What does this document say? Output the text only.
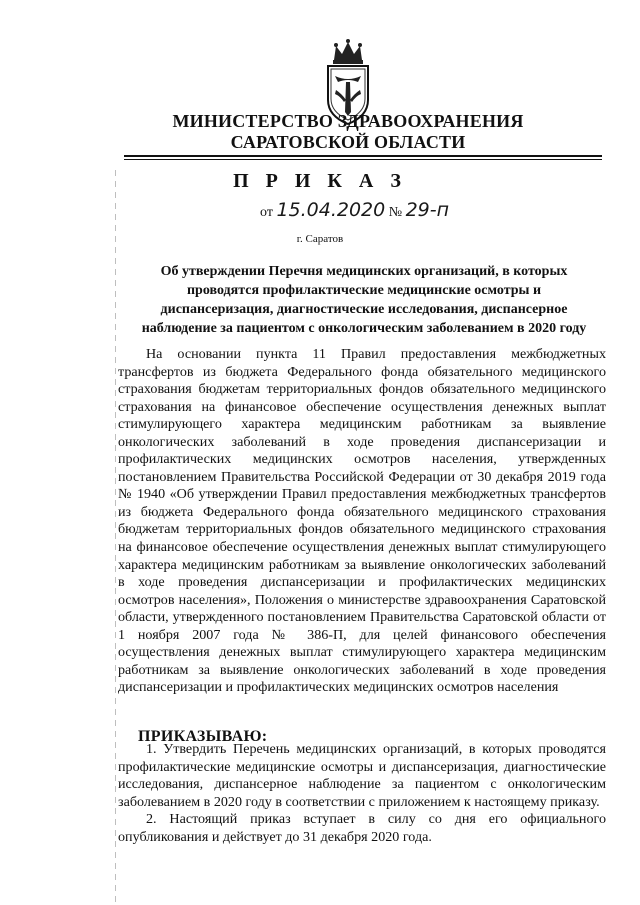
МИНИСТЕРСТВО ЗДРАВООХРАНЕНИЯ
САРАТОВСКОЙ ОБЛАСТИ
П Р И К А З
от 15.04.2020 № 29-п
г. Саратов
Об утверждении Перечня медицинских организаций, в которых проводятся профилактические медицинские осмотры и диспансеризация, диагностические исследования, диспансерное наблюдение за пациентом с онкологическим заболеванием в 2020 году

На основании пункта 11 Правил предоставления межбюджетных трансфертов из бюджета Федерального фонда обязательного медицинского страхования бюджетам территориальных фондов обязательного медицинского страхования на финансовое обеспечение осуществления денежных выплат стимулирующего характера медицинским работникам за выявление онкологических заболеваний в ходе проведения диспансеризации и профилактических медицинских осмотров населения, утвержденных постановлением Правительства Российской Федерации от 30 декабря 2019 года № 1940 «Об утверждении Правил предоставления межбюджетных трансфертов из бюджета Федерального фонда обязательного медицинского страхования бюджетам территориальных фондов обязательного медицинского страхования на финансовое обеспечение осуществления денежных выплат стимулирующего характера медицинским работникам за выявление онкологических заболеваний в ходе проведения диспансеризации и профилактических медицинских осмотров населения», Положения о министерстве здравоохранения Саратовской области, утвержденного постановлением Правительства Саратовской области от 1 ноября 2007 года № 386-П, для целей финансового обеспечения осуществления денежных выплат стимулирующего характера медицинским работникам за выявление онкологических заболеваний в ходе проведения диспансеризации и профилактических медицинских осмотров населения

ПРИКАЗЫВАЮ:

1. Утвердить Перечень медицинских организаций, в которых проводятся профилактические медицинские осмотры и диспансеризация, диагностические исследования, диспансерное наблюдение за пациентом с онкологическим заболеванием в 2020 году в соответствии с приложением к настоящему приказу.

2. Настоящий приказ вступает в силу со дня его официального опубликования и действует до 31 декабря 2020 года.
